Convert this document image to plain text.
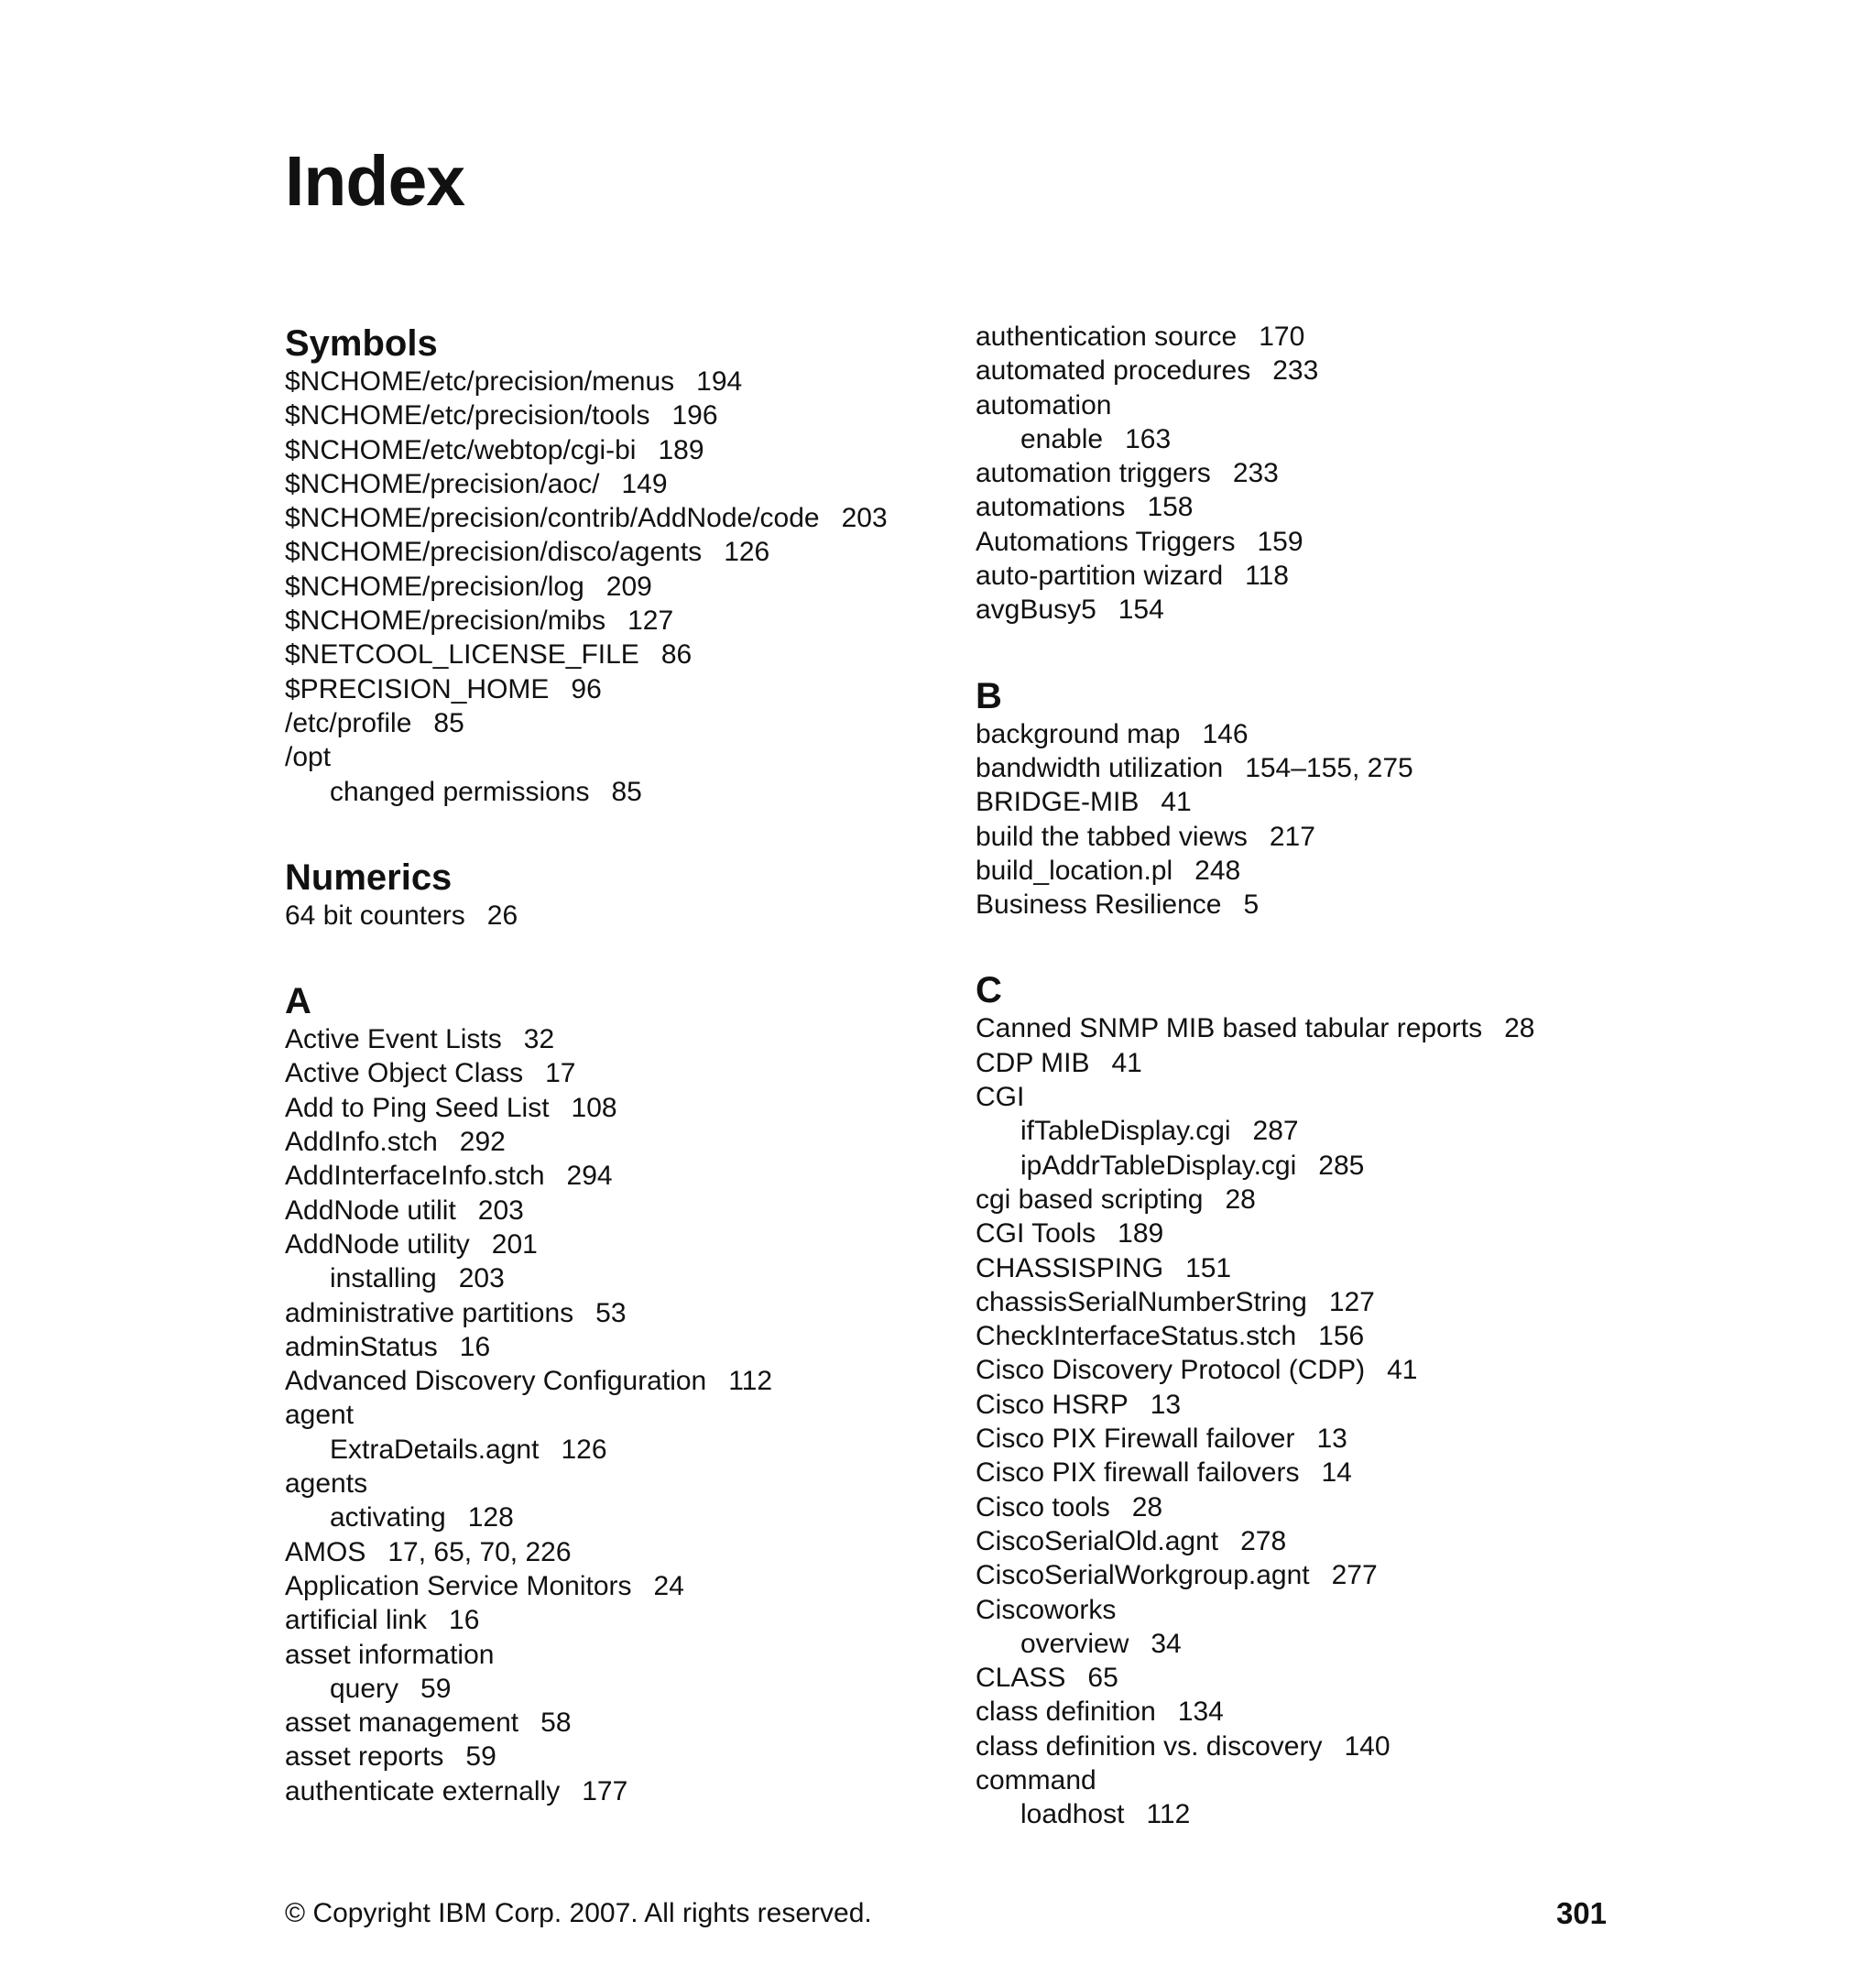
Index
Symbols
$NCHOME/etc/precision/menus 194
$NCHOME/etc/precision/tools 196
$NCHOME/etc/webtop/cgi-bi 189
$NCHOME/precision/aoc/ 149
$NCHOME/precision/contrib/AddNode/code 203
$NCHOME/precision/disco/agents 126
$NCHOME/precision/log 209
$NCHOME/precision/mibs 127
$NETCOOL_LICENSE_FILE 86
$PRECISION_HOME 96
/etc/profile 85
/opt
changed permissions 85
Numerics
64 bit counters 26
A
Active Event Lists 32
Active Object Class 17
Add to Ping Seed List 108
AddInfo.stch 292
AddInterfaceInfo.stch 294
AddNode utilit 203
AddNode utility 201
installing 203
administrative partitions 53
adminStatus 16
Advanced Discovery Configuration 112
agent
ExtraDetails.agnt 126
agents
activating 128
AMOS 17, 65, 70, 226
Application Service Monitors 24
artificial link 16
asset information
query 59
asset management 58
asset reports 59
authenticate externally 177
authentication source 170
automated procedures 233
automation
enable 163
automation triggers 233
automations 158
Automations Triggers 159
auto-partition wizard 118
avgBusy5 154
B
background map 146
bandwidth utilization 154–155, 275
BRIDGE-MIB 41
build the tabbed views 217
build_location.pl 248
Business Resilience 5
C
Canned SNMP MIB based tabular reports 28
CDP MIB 41
CGI
ifTableDisplay.cgi 287
ipAddrTableDisplay.cgi 285
cgi based scripting 28
CGI Tools 189
CHASSISPING 151
chassisSerialNumberString 127
CheckInterfaceStatus.stch 156
Cisco Discovery Protocol (CDP) 41
Cisco HSRP 13
Cisco PIX Firewall failover 13
Cisco PIX firewall failovers 14
Cisco tools 28
CiscoSerialOld.agnt 278
CiscoSerialWorkgroup.agnt 277
Ciscoworks
overview 34
CLASS 65
class definition 134
class definition vs. discovery 140
command
loadhost 112
© Copyright IBM Corp. 2007. All rights reserved.	301
